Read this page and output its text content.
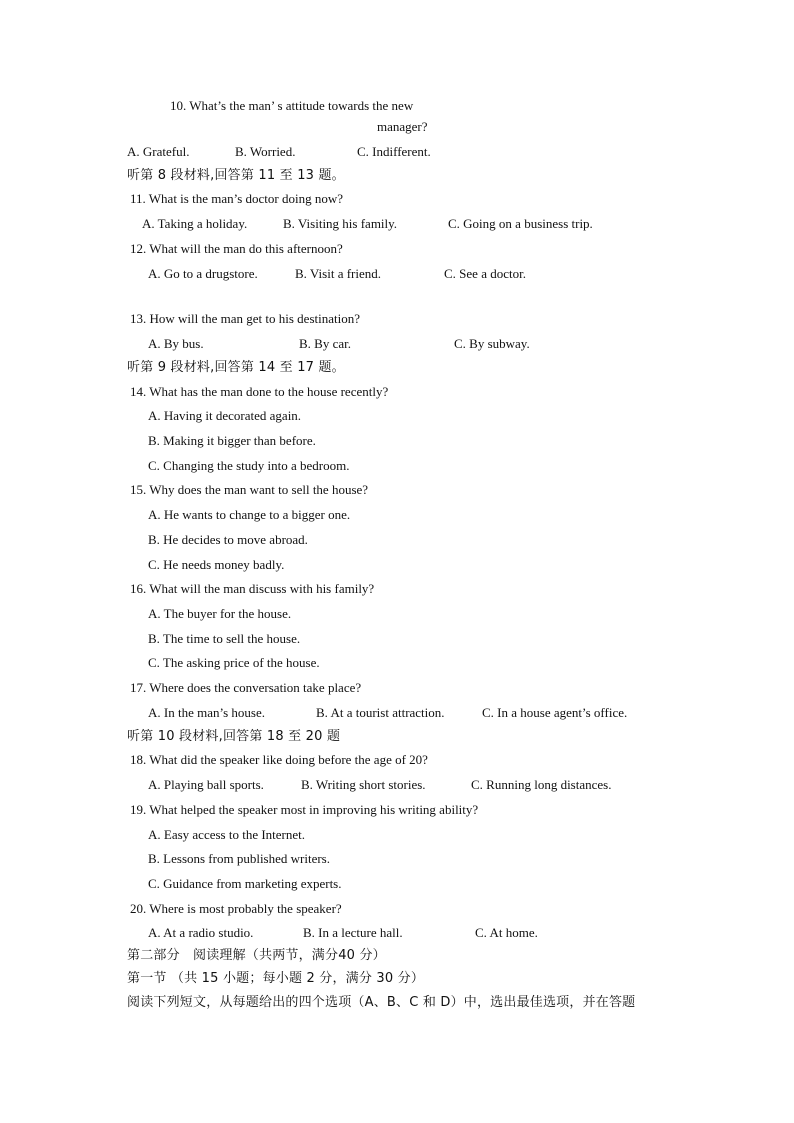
10. What’s the man’ s attitude towards the new
manager?
A. Grateful.	B. Worried.	C. Indifferent.
听第 8 段材料,回答第 11 至 13 题。
11. What is the man’s doctor doing now?
A. Taking a holiday.	B. Visiting his family.	C. Going on a business trip.
12. What will the man do this afternoon?
A. Go to a drugstore.	B. Visit a friend.	C. See a doctor.
13. How will the man get to his destination?
A. By bus.	B. By car.	C. By subway.
听第 9 段材料,回答第 14 至 17 题。
14. What has the man done to the house recently?
A. Having it decorated again.
B. Making it bigger than before.
C. Changing the study into a bedroom.
15. Why does the man want to sell the house?
A. He wants to change to a bigger one.
B. He decides to move abroad.
C. He needs money badly.
16. What will the man discuss with his family?
A. The buyer for the house.
B. The time to sell the house.
C. The asking price of the house.
17. Where does the conversation take place?
A. In the man’s house.	B. At a tourist attraction.	C. In a house agent’s office.
听第 10 段材料,回答第 18 至 20 题
18. What did the speaker like doing before the age of 20?
A. Playing ball sports.	B. Writing short stories.	C. Running long distances.
19. What helped the speaker most in improving his writing ability?
A. Easy access to the Internet.
B. Lessons from published writers.
C. Guidance from marketing experts.
20. Where is most probably the speaker?
A. At a radio studio.	B. In a lecture hall.	C. At home.
第二部分　阅读理解（共两节，满分40 分）
第一节 （共 15 小题；每小题 2 分，满分 30 分）
阅读下列短文，从每题给出的四个选项（A、B、C 和 D）中，选出最佳选项，并在答题
